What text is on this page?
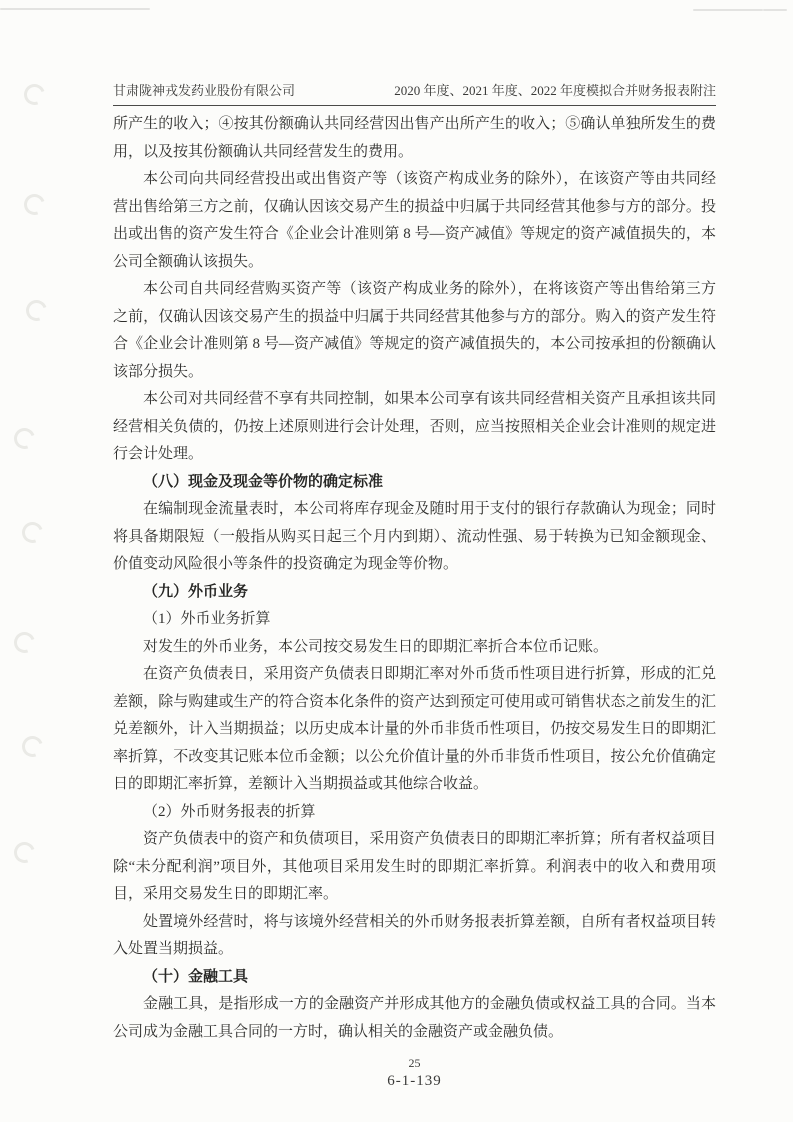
甘肃陇神戎发药业股份有限公司	2020 年度、2021 年度、2022 年度模拟合并财务报表附注

所产生的收入；④按其份额确认共同经营因出售产出所产生的收入；⑤确认单独所发生的费用，以及按其份额确认共同经营发生的费用。

本公司向共同经营投出或出售资产等（该资产构成业务的除外），在该资产等由共同经营出售给第三方之前，仅确认因该交易产生的损益中归属于共同经营其他参与方的部分。投出或出售的资产发生符合《企业会计准则第 8 号—资产减值》等规定的资产减值损失的，本公司全额确认该损失。

本公司自共同经营购买资产等（该资产构成业务的除外），在将该资产等出售给第三方之前，仅确认因该交易产生的损益中归属于共同经营其他参与方的部分。购入的资产发生符合《企业会计准则第 8 号—资产减值》等规定的资产减值损失的，本公司按承担的份额确认该部分损失。

本公司对共同经营不享有共同控制，如果本公司享有该共同经营相关资产且承担该共同经营相关负债的，仍按上述原则进行会计处理，否则，应当按照相关企业会计准则的规定进行会计处理。

（八）现金及现金等价物的确定标准

在编制现金流量表时，本公司将库存现金及随时用于支付的银行存款确认为现金；同时将具备期限短（一般指从购买日起三个月内到期）、流动性强、易于转换为已知金额现金、价值变动风险很小等条件的投资确定为现金等价物。

（九）外币业务

（1）外币业务折算

对发生的外币业务，本公司按交易发生日的即期汇率折合本位币记账。

在资产负债表日，采用资产负债表日即期汇率对外币货币性项目进行折算，形成的汇兑差额，除与购建或生产的符合资本化条件的资产达到预定可使用或可销售状态之前发生的汇兑差额外，计入当期损益；以历史成本计量的外币非货币性项目，仍按交易发生日的即期汇率折算，不改变其记账本位币金额；以公允价值计量的外币非货币性项目，按公允价值确定日的即期汇率折算，差额计入当期损益或其他综合收益。

（2）外币财务报表的折算

资产负债表中的资产和负债项目，采用资产负债表日的即期汇率折算；所有者权益项目除“未分配利润”项目外，其他项目采用发生时的即期汇率折算。利润表中的收入和费用项目，采用交易发生日的即期汇率。

处置境外经营时，将与该境外经营相关的外币财务报表折算差额，自所有者权益项目转入处置当期损益。

（十）金融工具

金融工具，是指形成一方的金融资产并形成其他方的金融负债或权益工具的合同。当本公司成为金融工具合同的一方时，确认相关的金融资产或金融负债。

25
6-1-139
